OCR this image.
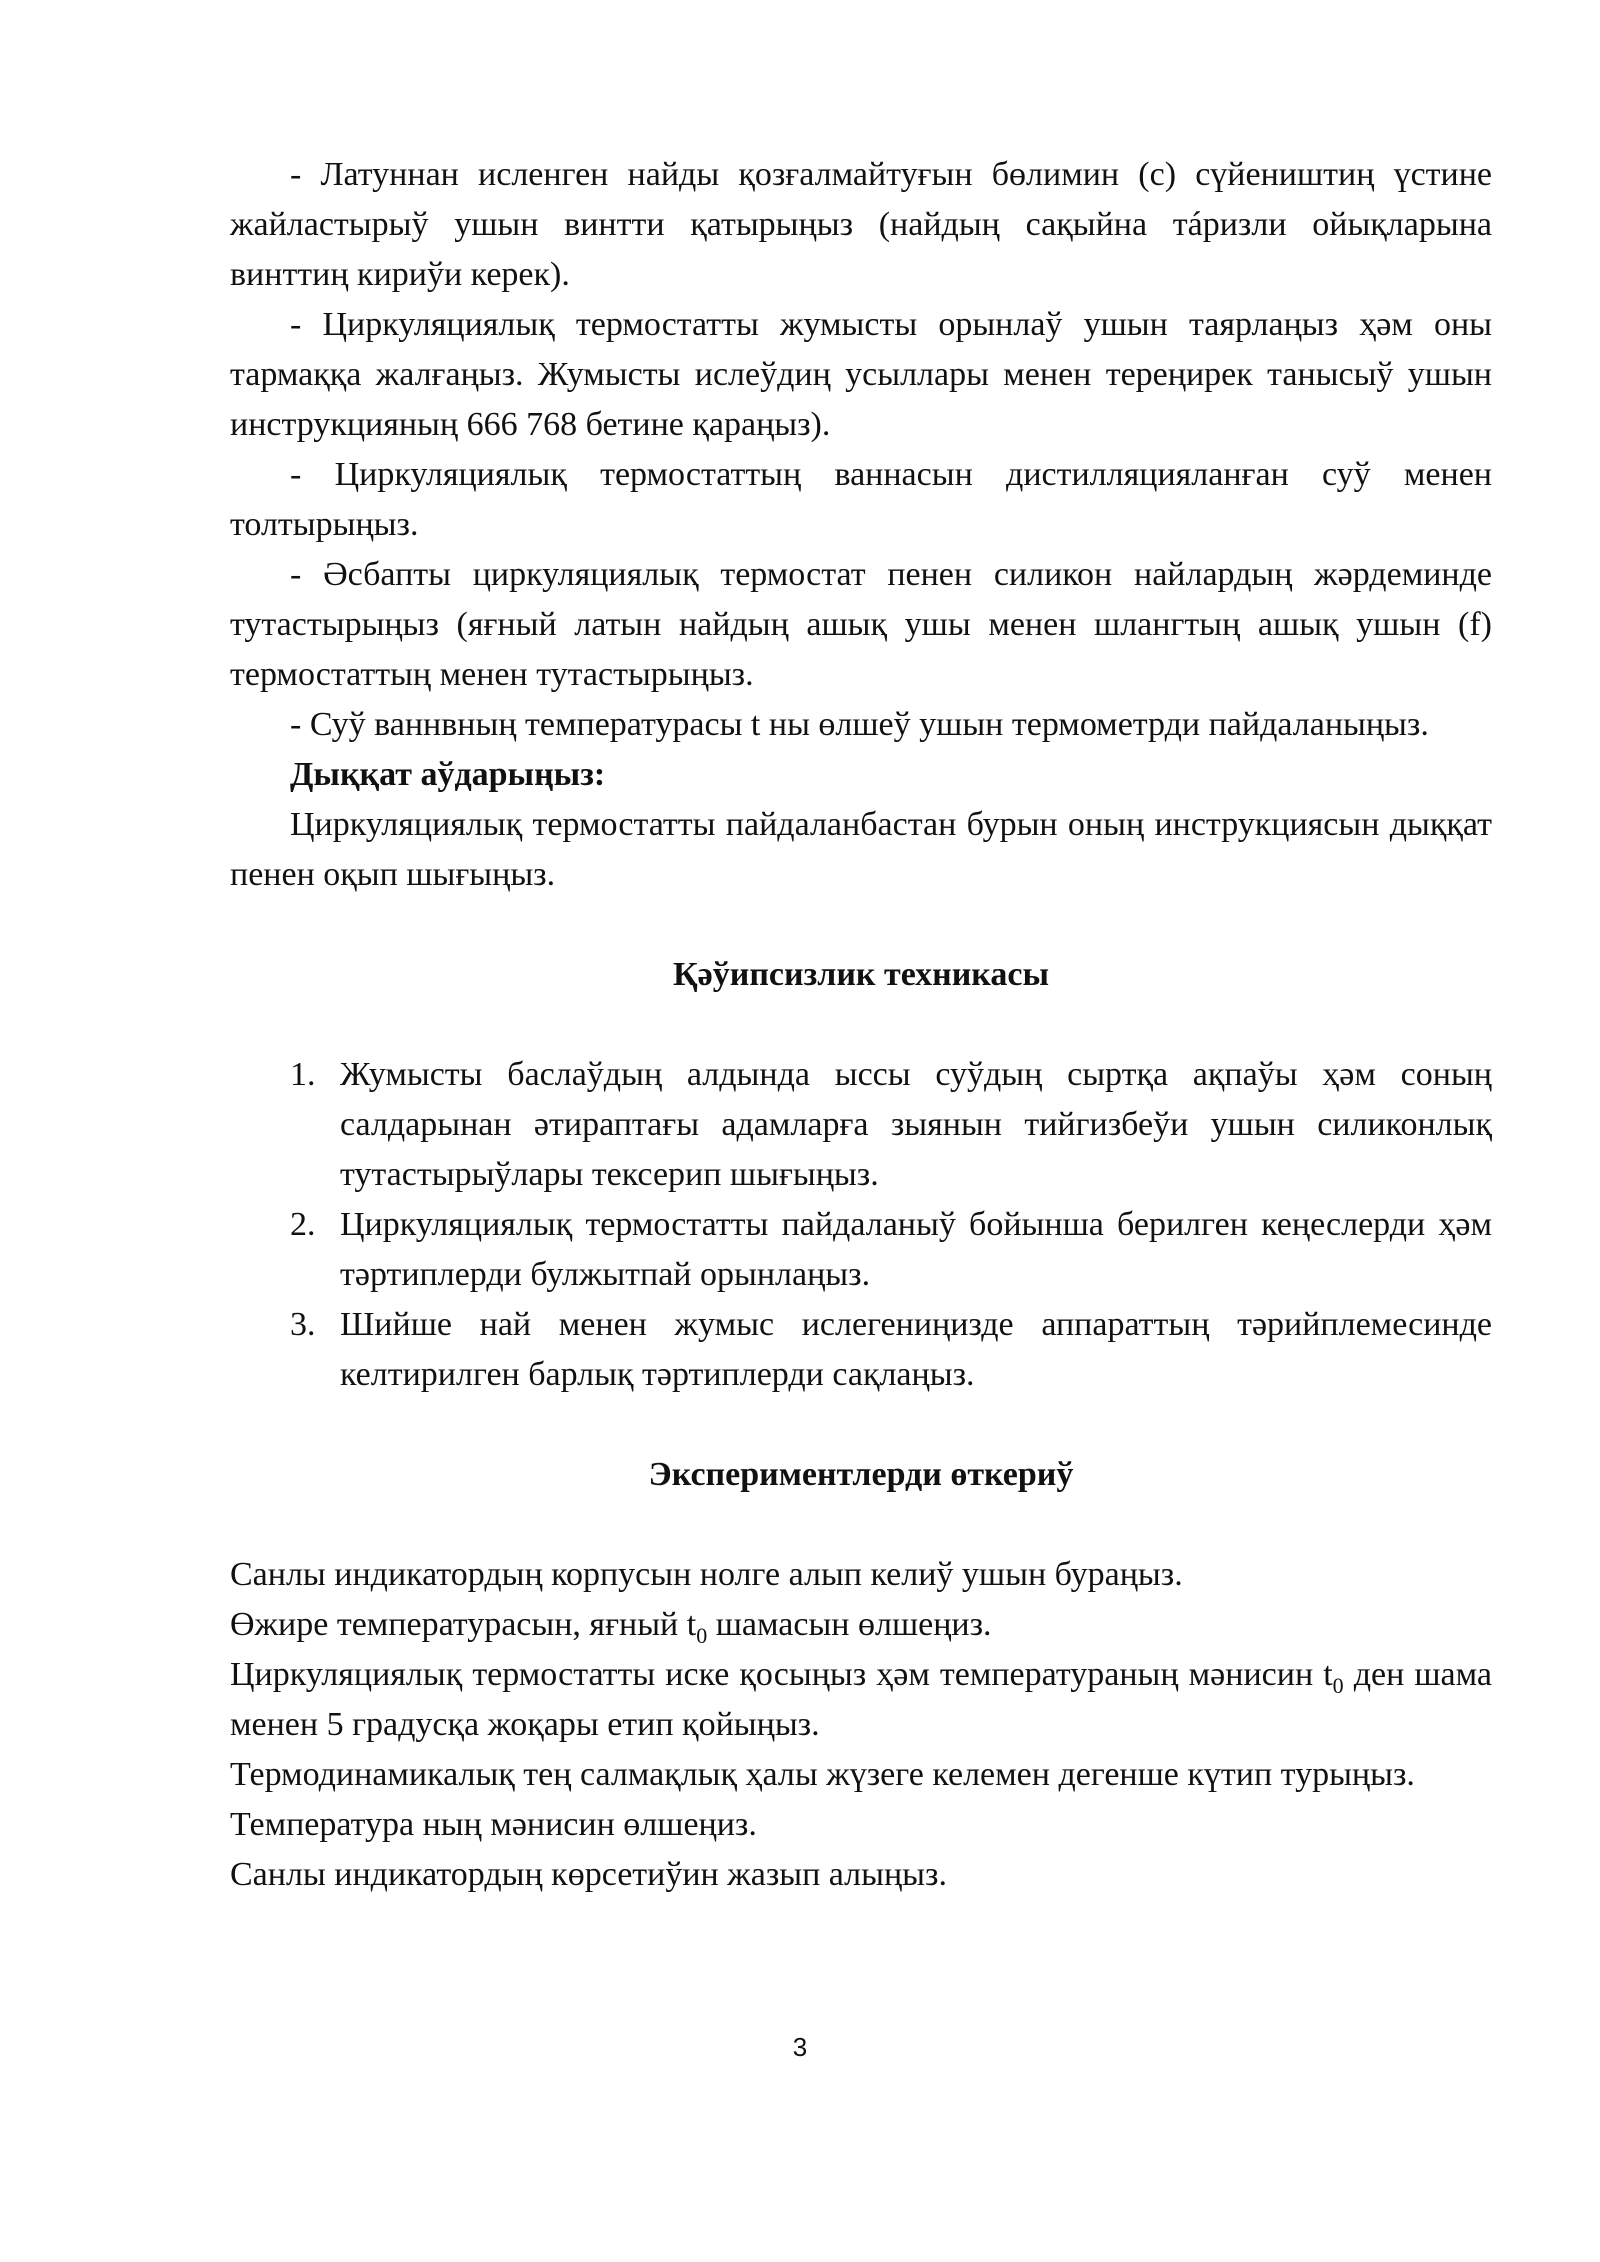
- Латуннан исленген найды қозғалмайтуғын бөлимин (c) сүйеништиң үстине жайластырыў ушын винтти қатырыңыз (найдың сақыйна тáризли ойықларына винттиң кириўи керек).

- Циркуляциялық термостатты жумысты орынлаў ушын таярлаңыз ҳәм оны тармаққа жалғаңыз. Жумысты ислеўдиң усыллары менен тереңирек танысыў ушын инструкцияның 666 768 бетине қараңыз).

- Циркуляциялық термостаттың ваннасын дистилляцияланған суў менен толтырыңыз.

- Әсбапты циркуляциялық термостат пенен силикон найлардың жәрдеминде тутастырыңыз (яғный латын найдың ашық ушы менен шлангтың ашық ушын (f) термостаттың менен тутастырыңыз.

- Суў ваннвның температурасы t ны өлшеў ушын термометрди пайдаланыңыз.

Дыққат аўдарыңыз:

Циркуляциялық термостатты пайдаланбастан бурын оның инструкциясын дыққат пенен оқып шығыңыз.

Қәўипсизлик техникасы
1. Жумысты баслаўдың алдында ыссы суўдың сыртқа ақпаўы ҳәм соның салдарынан әтираптағы адамларға зыянын тийгизбеўи ушын силиконлық тутастырыўлары тексерип шығыңыз.
2. Циркуляциялық термостатты пайдаланыў бойынша берилген кеңеслерди ҳәм тәртиплерди булжытпай орынлаңыз.
3. Шийше най менен жумыс ислегениңизде аппараттың тәрийплемесинде келтирилген барлық тәртиплерди сақлаңыз.
Экспериментлерди өткериў

Санлы индикатордың корпусын нолге алып келиў ушын бураңыз.

Өжире температурасын, яғный $t_0$ шамасын өлшеңиз.

Циркуляциялық термостатты иске қосыңыз ҳәм температураның мәнисин $t_0$ ден шама менен 5 градусқа жоқары етип қойыңыз.

Термодинамикалық тең салмақлық ҳалы жүзеге келемен дегенше күтип турыңыз.

Температура ның мәнисин өлшеңиз.

Санлы индикатордың көрсетиўин жазып алыңыз.

3
